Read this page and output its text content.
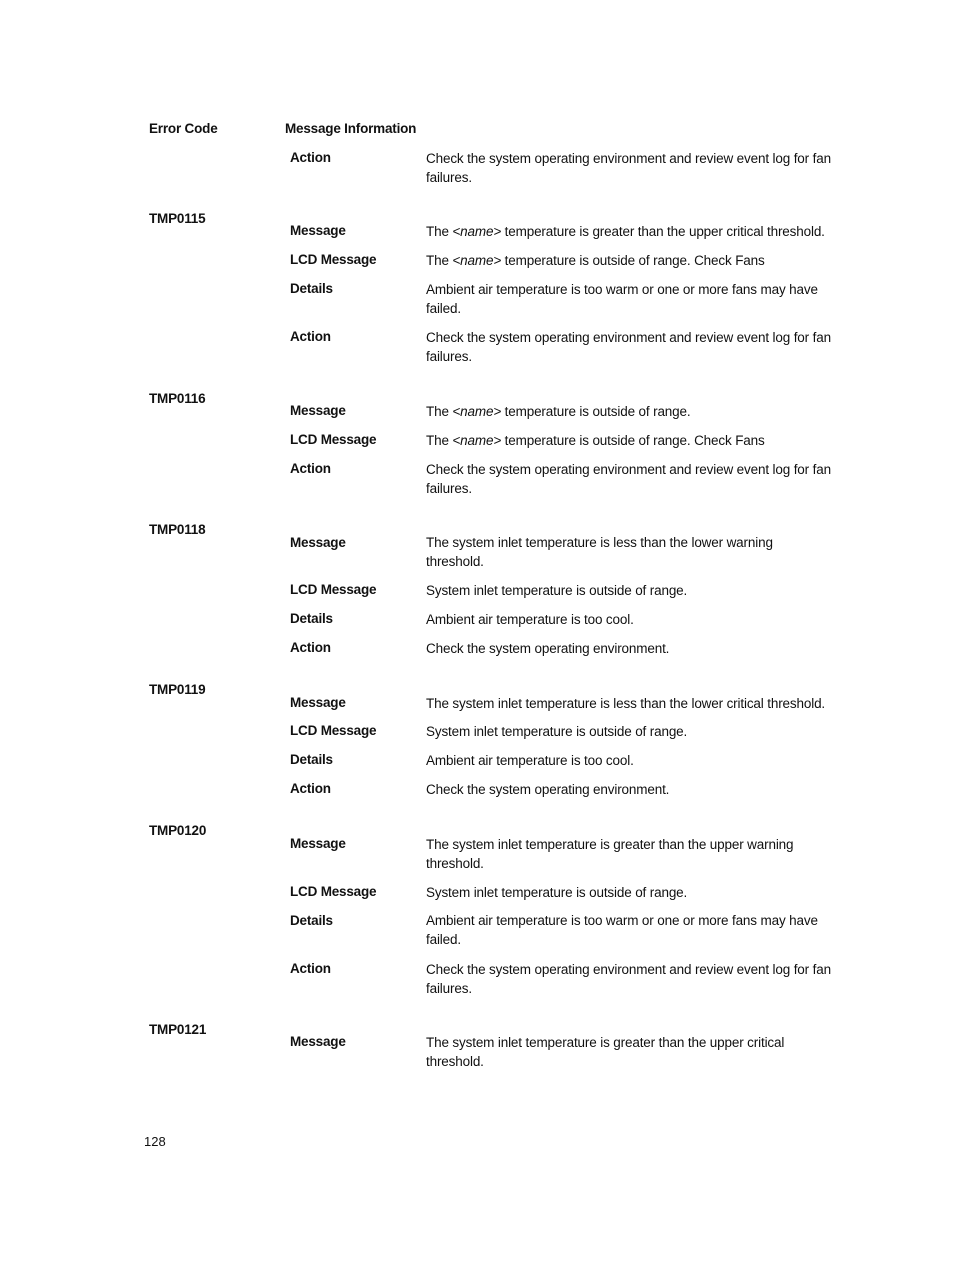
Error Code	Message Information
Action	Check the system operating environment and review event log for fan failures.
TMP0115
Message	The <name> temperature is greater than the upper critical threshold.
LCD Message	The <name> temperature is outside of range. Check Fans
Details	Ambient air temperature is too warm or one or more fans may have failed.
Action	Check the system operating environment and review event log for fan failures.
TMP0116
Message	The <name> temperature is outside of range.
LCD Message	The <name> temperature is outside of range. Check Fans
Action	Check the system operating environment and review event log for fan failures.
TMP0118
Message	The system inlet temperature is less than the lower warning threshold.
LCD Message	System inlet temperature is outside of range.
Details	Ambient air temperature is too cool.
Action	Check the system operating environment.
TMP0119
Message	The system inlet temperature is less than the lower critical threshold.
LCD Message	System inlet temperature is outside of range.
Details	Ambient air temperature is too cool.
Action	Check the system operating environment.
TMP0120
Message	The system inlet temperature is greater than the upper warning threshold.
LCD Message	System inlet temperature is outside of range.
Details	Ambient air temperature is too warm or one or more fans may have failed.
Action	Check the system operating environment and review event log for fan failures.
TMP0121
Message	The system inlet temperature is greater than the upper critical threshold.
128
